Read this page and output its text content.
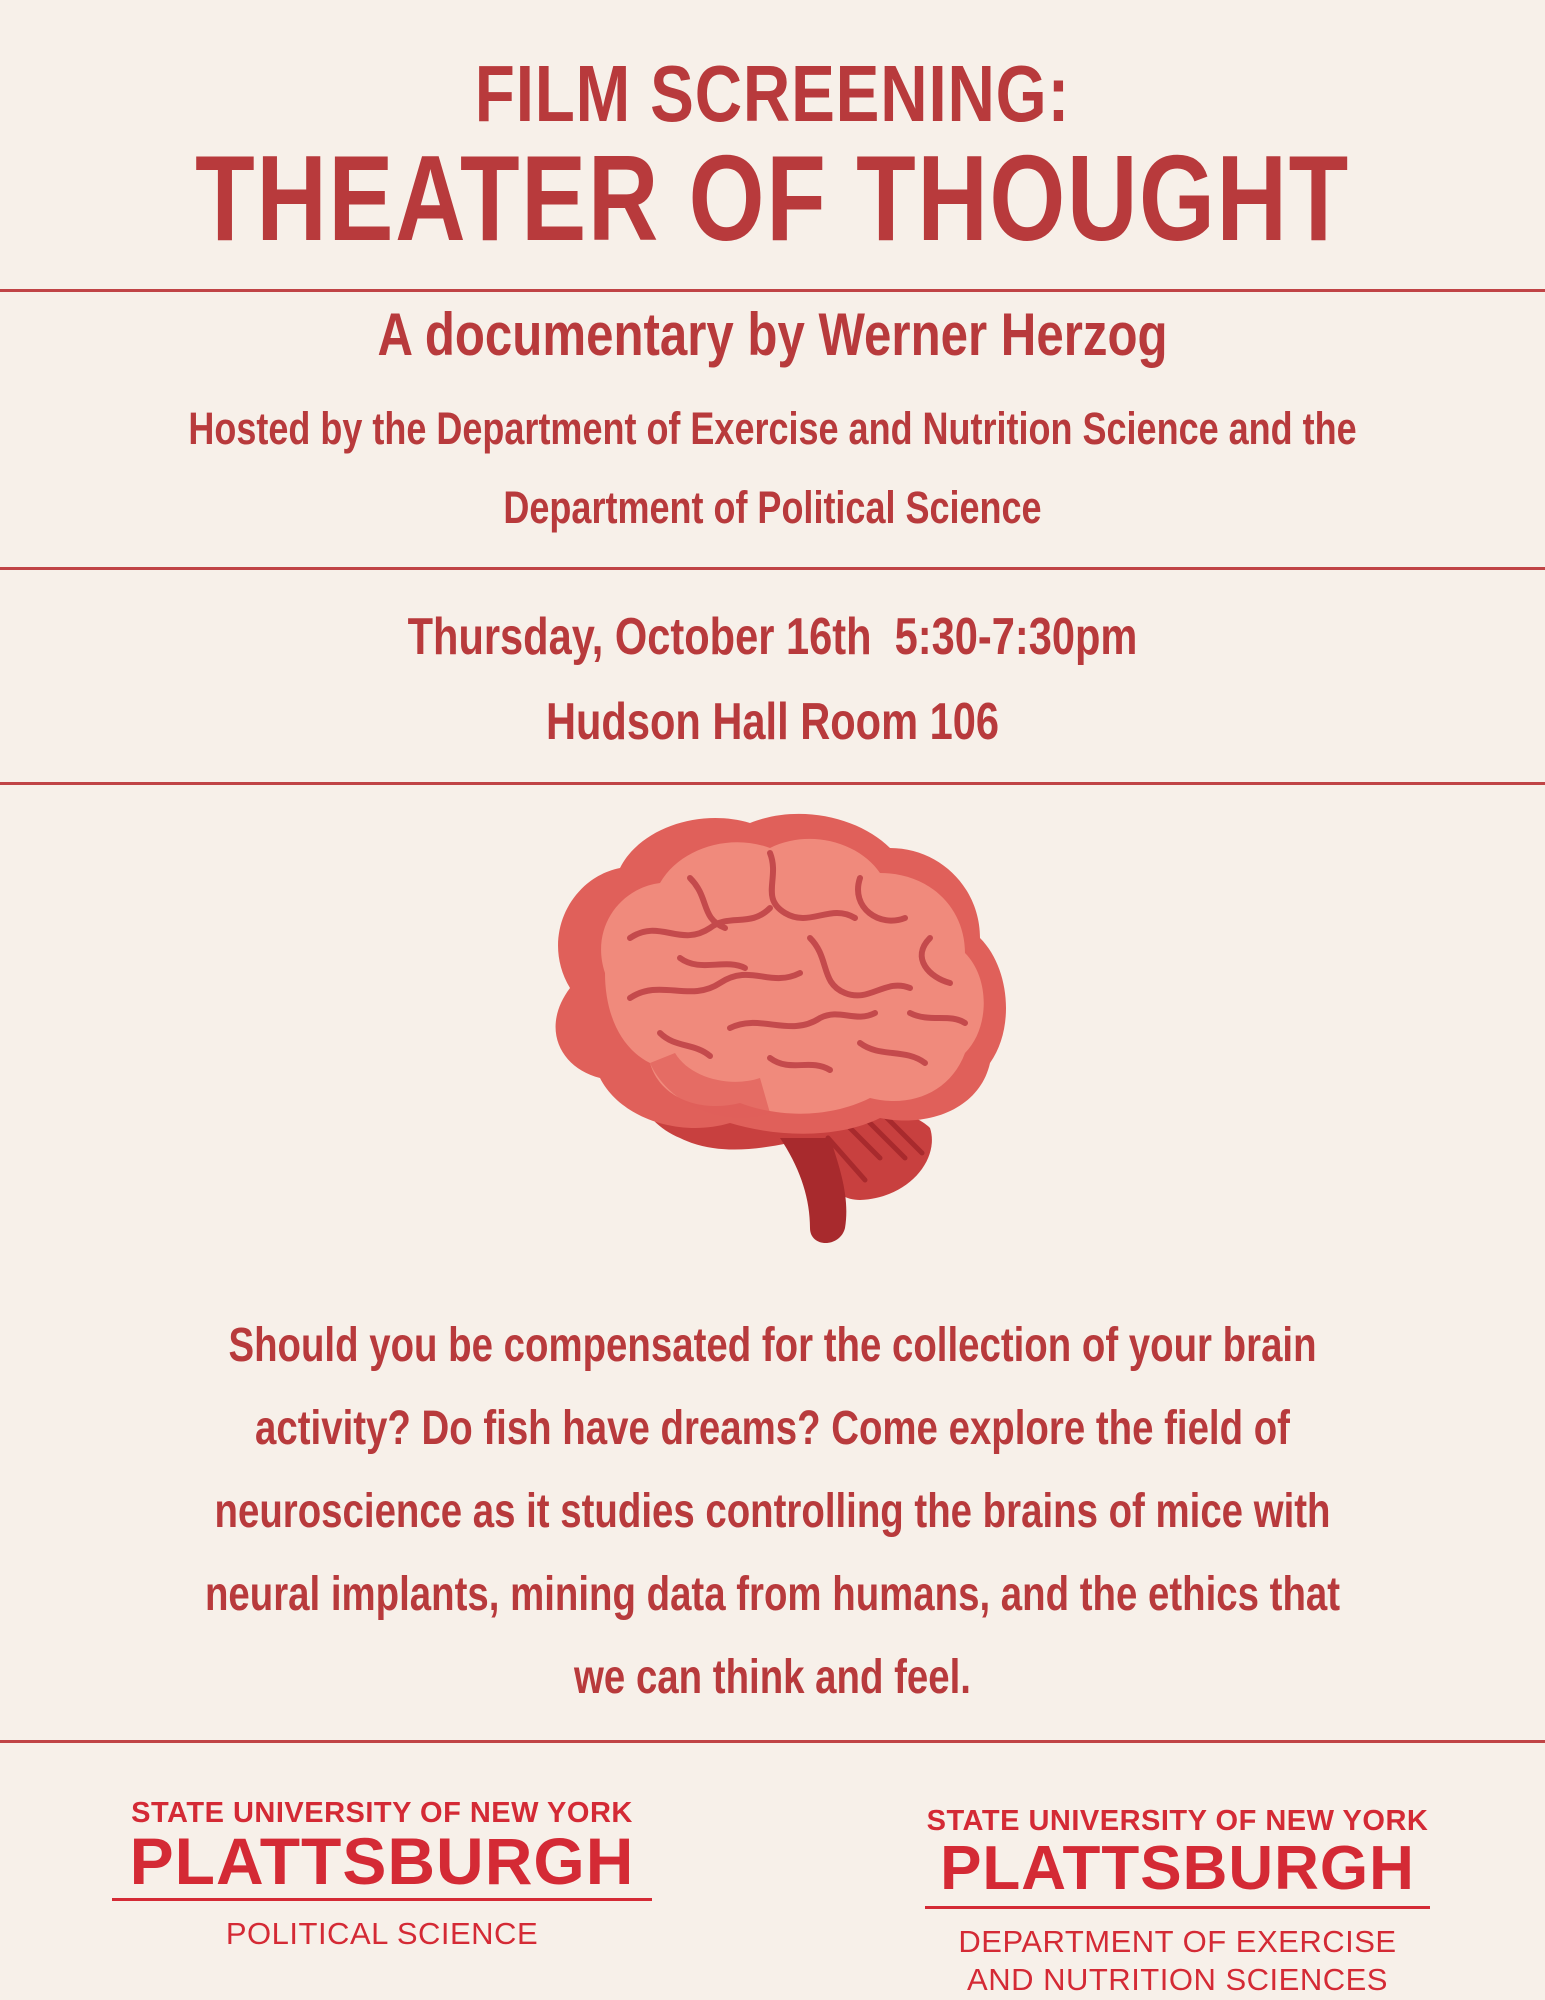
FILM SCREENING:
THEATER OF THOUGHT
A documentary by Werner Herzog
Hosted by the Department of Exercise and Nutrition Science and the
Department of Political Science
Thursday, October 16th  5:30-7:30pm
Hudson Hall Room 106
Should you be compensated for the collection of your brain
activity? Do fish have dreams? Come explore the field of
neuroscience as it studies controlling the brains of mice with
neural implants, mining data from humans, and the ethics that
we can think and feel.
STATE UNIVERSITY OF NEW YORK
PLATTSBURGH
POLITICAL SCIENCE
STATE UNIVERSITY OF NEW YORK
PLATTSBURGH
DEPARTMENT OF EXERCISE
AND NUTRITION SCIENCES
